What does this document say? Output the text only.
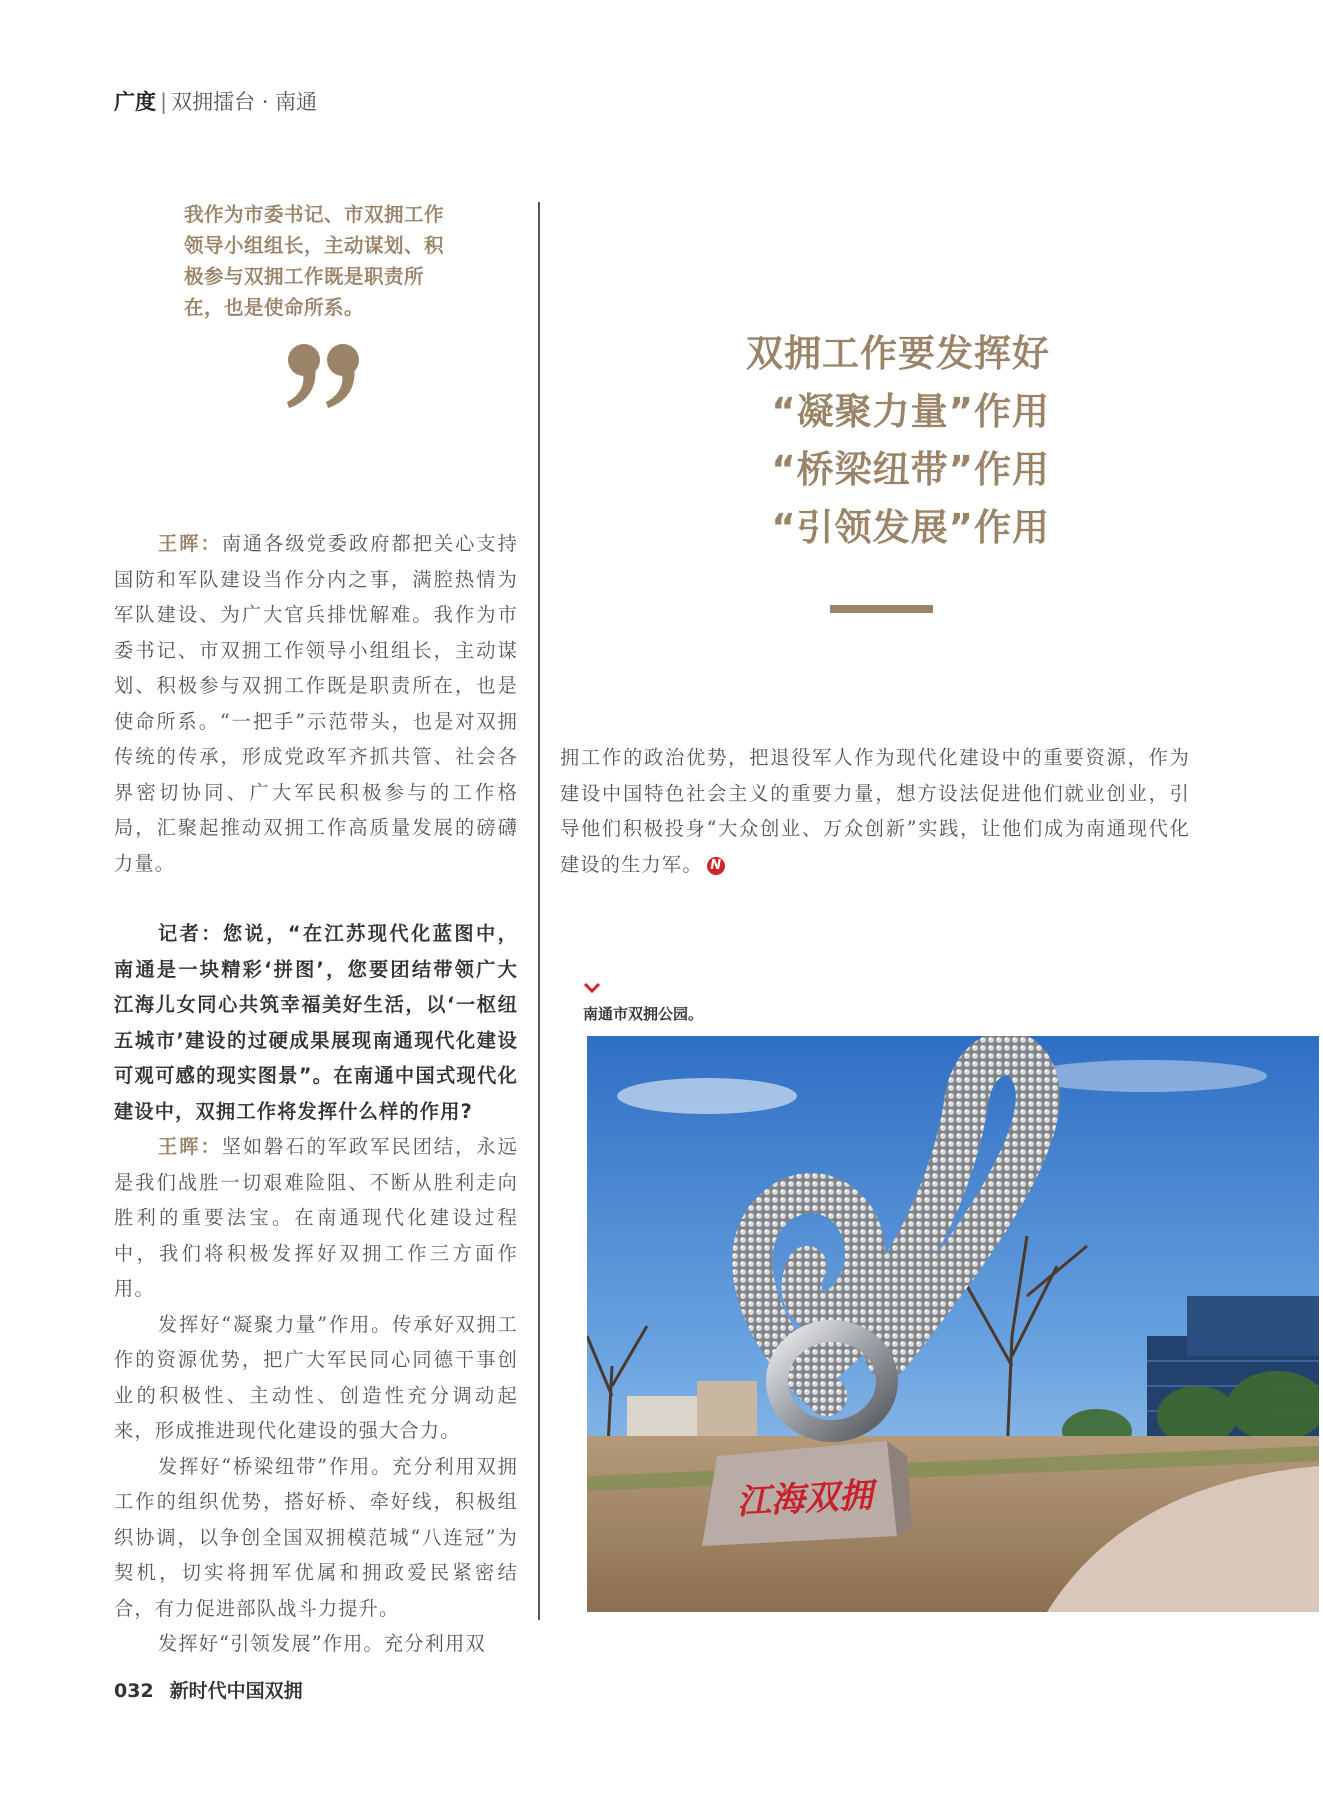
广度 | 双拥擂台 · 南通
我作为市委书记、市双拥工作领导小组组长，主动谋划、积极参与双拥工作既是职责所在，也是使命所系。

王晖：南通各级党委政府都把关心支持国防和军队建设当作分内之事，满腔热情为军队建设、为广大官兵排忧解难。我作为市委书记、市双拥工作领导小组组长，主动谋划、积极参与双拥工作既是职责所在，也是使命所系。“一把手”示范带头，也是对双拥传统的传承，形成党政军齐抓共管、社会各界密切协同、广大军民积极参与的工作格局，汇聚起推动双拥工作高质量发展的磅礴力量。

记者：您说，“在江苏现代化蓝图中，南通是一块精彩‘拼图’，您要团结带领广大江海儿女同心共筑幸福美好生活，以‘一枢纽五城市’建设的过硬成果展现南通现代化建设可观可感的现实图景”。在南通中国式现代化建设中，双拥工作将发挥什么样的作用?

王晖：坚如磐石的军政军民团结，永远是我们战胜一切艰难险阻、不断从胜利走向胜利的重要法宝。在南通现代化建设过程中，我们将积极发挥好双拥工作三方面作用。

发挥好“凝聚力量”作用。传承好双拥工作的资源优势，把广大军民同心同德干事创业的积极性、主动性、创造性充分调动起来，形成推进现代化建设的强大合力。

发挥好“桥梁纽带”作用。充分利用双拥工作的组织优势，搭好桥、牵好线，积极组织协调，以争创全国双拥模范城“八连冠”为契机，切实将拥军优属和拥政爱民紧密结合，有力促进部队战斗力提升。

发挥好“引领发展”作用。充分利用双

双拥工作要发挥好
“凝聚力量”作用
“桥梁纽带”作用
“引领发展”作用

拥工作的政治优势，把退役军人作为现代化建设中的重要资源，作为建设中国特色社会主义的重要力量，想方设法促进他们就业创业，引导他们积极投身“大众创业、万众创新”实践，让他们成为南通现代化建设的生力军。 N

南通市双拥公园。
江海双拥
032 新时代中国双拥
